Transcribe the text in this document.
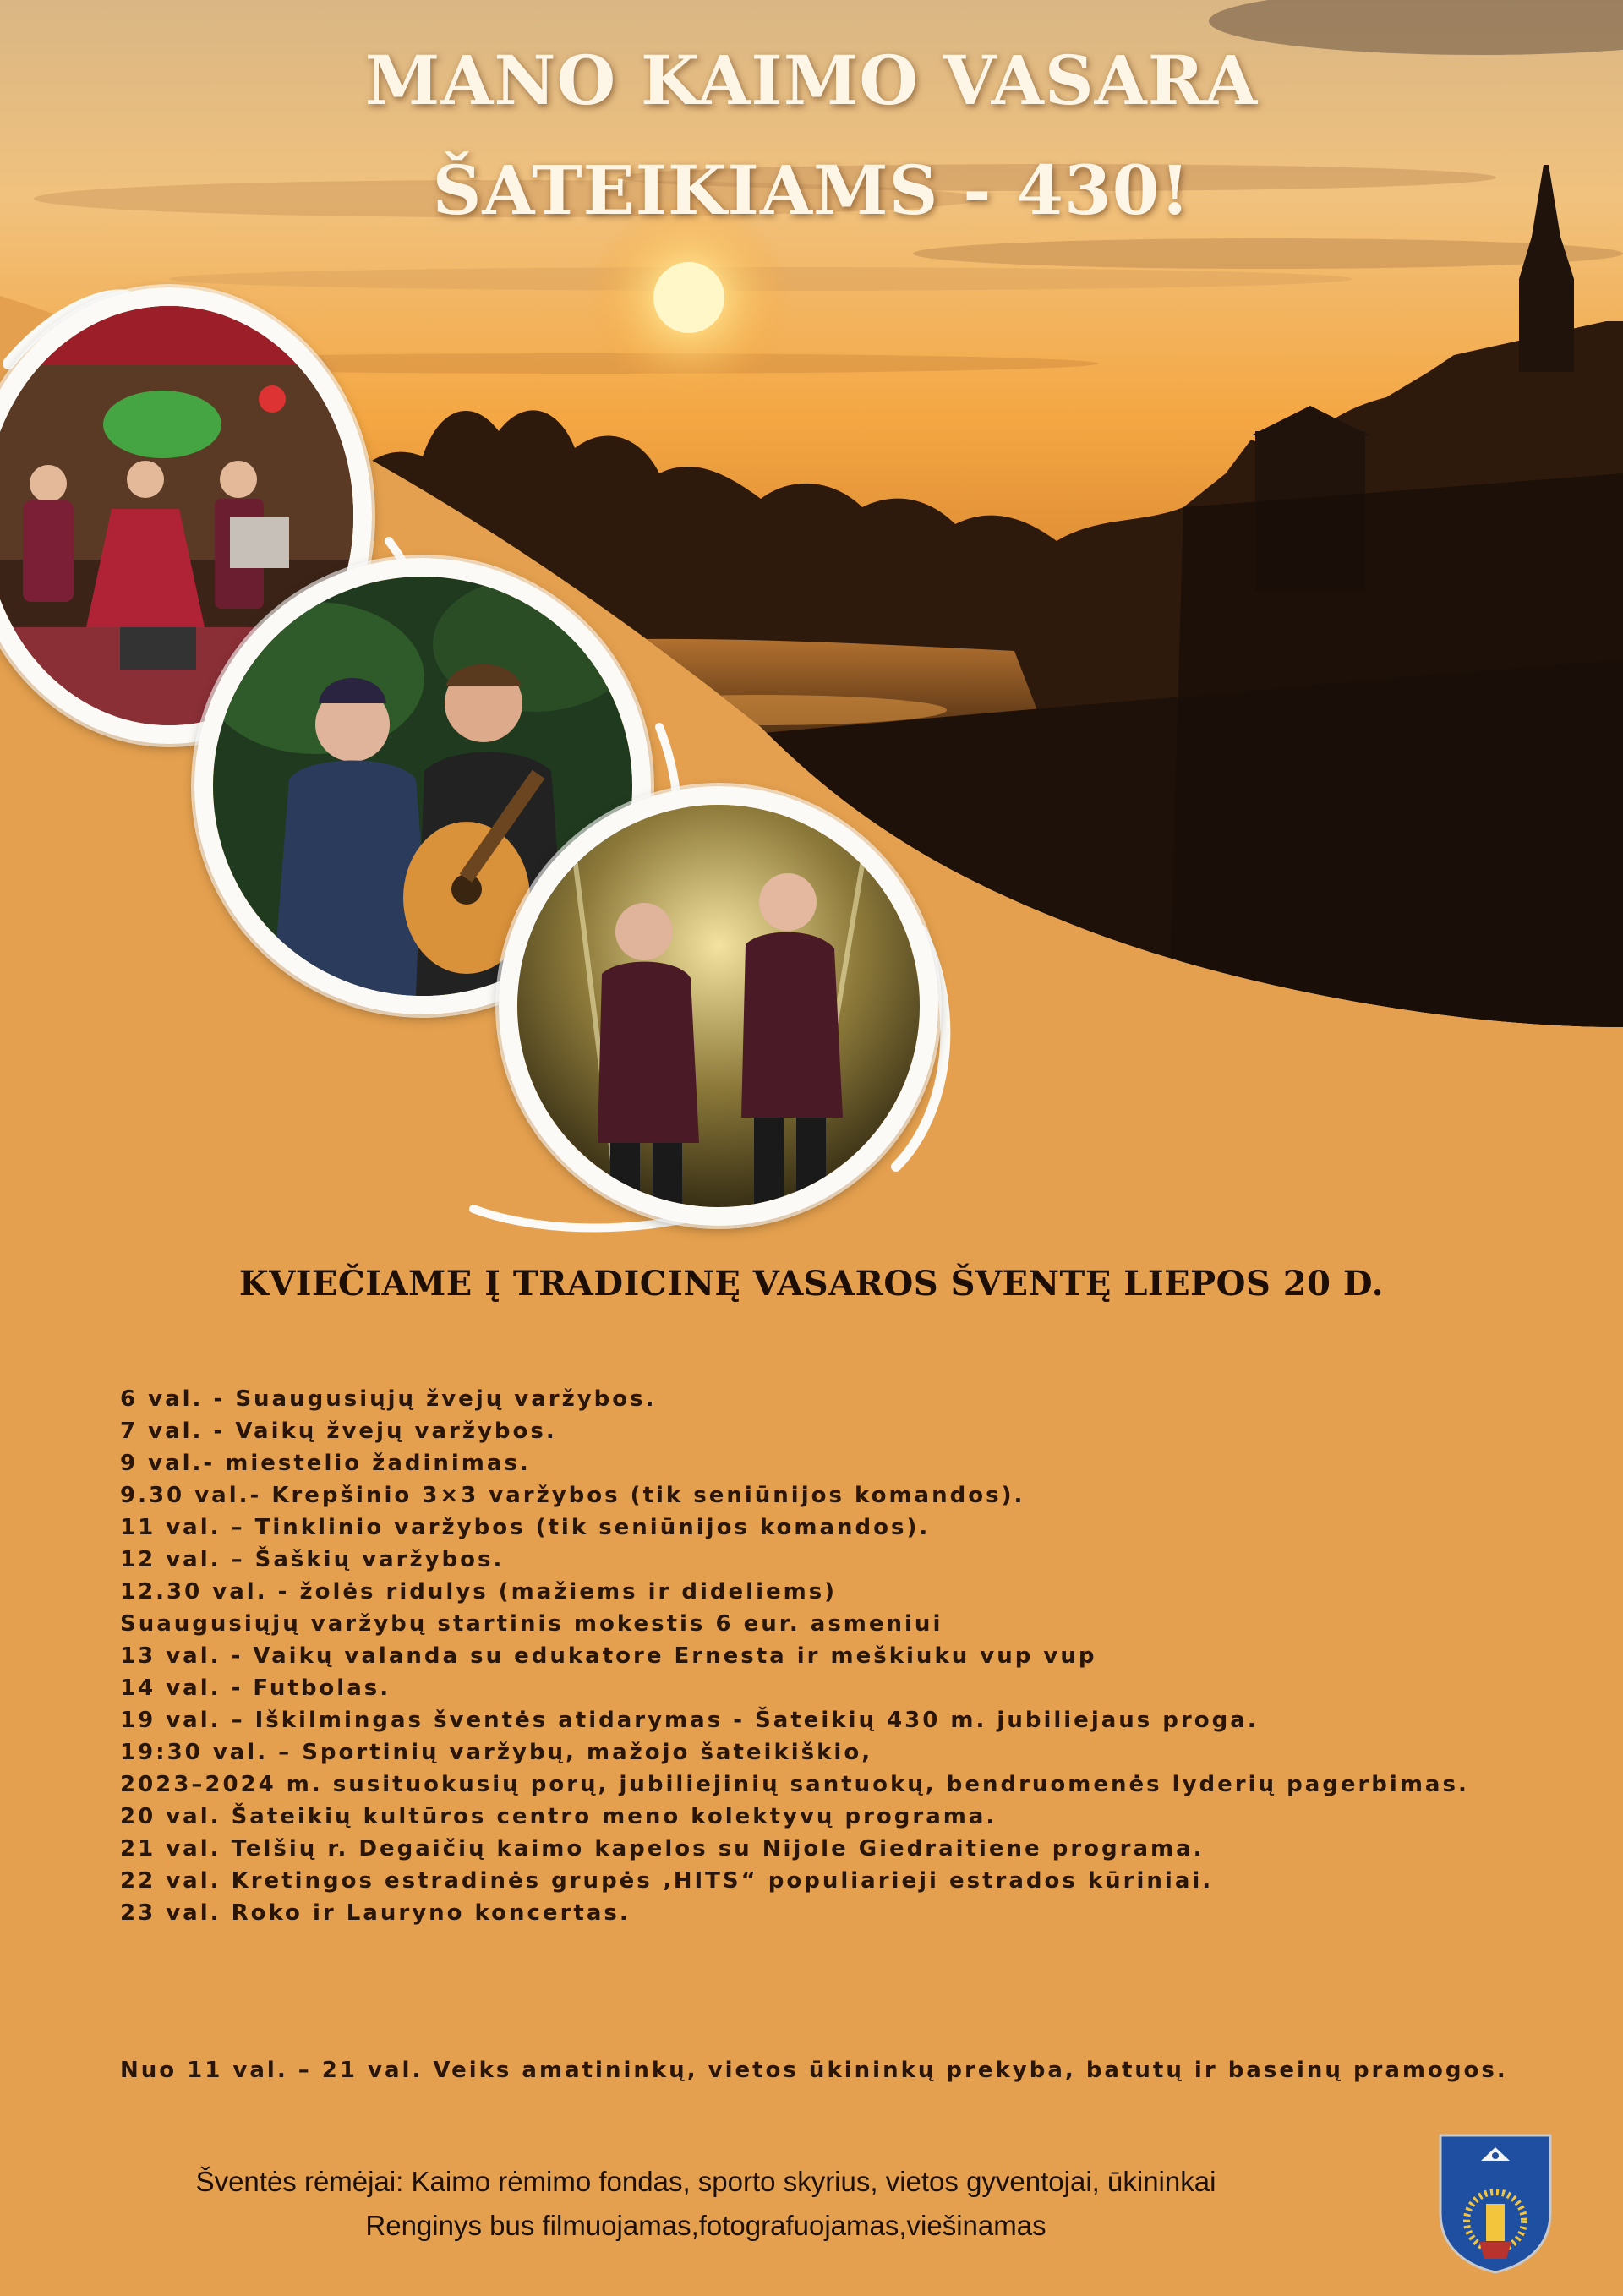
MANO KAIMO VASARA
ŠATEIKIAMS - 430!
KVIEČIAME Į TRADICINĘ VASAROS ŠVENTĘ LIEPOS 20 D.
6 val. - Suaugusiųjų žvejų varžybos.
7 val. - Vaikų žvejų varžybos.
9 val.- miestelio žadinimas.
9.30 val.- Krepšinio 3×3 varžybos (tik seniūnijos komandos).
11 val. – Tinklinio varžybos (tik seniūnijos komandos).
12 val. – Šaškių varžybos.
12.30 val. - žolės ridulys (mažiems ir dideliems)
Suaugusiųjų varžybų startinis mokestis 6 eur. asmeniui
13 val. - Vaikų valanda su edukatore Ernesta ir meškiuku vup vup
14 val. - Futbolas.
19 val. – Iškilmingas šventės atidarymas - Šateikių 430 m. jubiliejaus proga.
19:30 val. – Sportinių varžybų, mažojo šateikiškio,
2023–2024 m. susituokusių porų, jubiliejinių santuokų, bendruomenės lyderių pagerbimas.
20 val. Šateikių kultūros centro meno kolektyvų programa.
21 val. Telšių r. Degaičių kaimo kapelos su Nijole Giedraitiene programa.
22 val. Kretingos estradinės grupės ‚HITS“ populiarieji estrados kūriniai.
23 val. Roko ir Lauryno koncertas.
Nuo 11 val. – 21 val. Veiks amatininkų, vietos ūkininkų prekyba, batutų ir baseinų pramogos.
Šventės rėmėjai: Kaimo rėmimo fondas, sporto skyrius, vietos gyventojai, ūkininkai
Renginys bus filmuojamas,fotografuojamas,viešinamas
